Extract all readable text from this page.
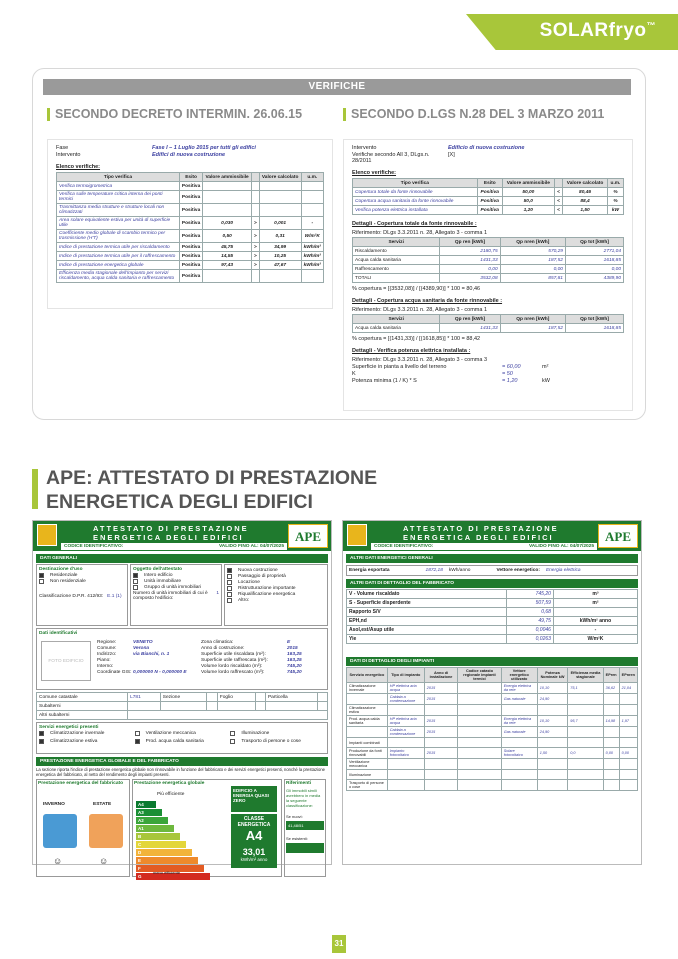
SOLARfryo™
VERIFICHE
SECONDO DECRETO INTERMIN. 26.06.15	SECONDO D.LGS N.28 DEL 3 MARZO 2011
Fase	Fase I – 1 Luglio 2015 per tutti gli edifici
Intervento	Edifici di nuova costruzione
Elenco verifiche:
Tipo verifica	Esito	Valore ammissibile		Valore calcolato	u.m.
Verifica termoigrometrica	Positiva				
Verifica sulle temperature critica interna dei ponti termici	Positiva				
Trasmittanza media strutture e strutture locali non climatizzati	Positiva				
Area solare equivalente estiva per unità di superficie utile	Positiva	0,030	>	0,001	-
Coefficiente medio globale di scambio termico per trasmissione (H'T)	Positiva	0,50	>	0,31	W/m²K
Indice di prestazione termica utile per riscaldamento	Positiva	45,75	>	34,99	kWh/m²
Indice di prestazione termica utile per il raffrescamento	Positiva	14,55	>	10,25	kWh/m²
Indice di prestazione energetica globale	Positiva	97,43	>	47,67	kWh/m²
Efficienza media stagionale dell'impianto per servizi riscaldamento, acqua calda sanitaria e raffrescamento	Positiva				
Intervento	Edificio di nuova costruzione
Verifiche secondo All 3, DLgs.n. 28/2011
[X]
Elenco verifiche:
Tipo verifica	Esito	Valore ammissibile		Valore calcolato	u.m.
Copertura totale da fonte rinnovabile	Positiva	50,00	<	80,46	%
Copertura acqua sanitaria da fonte rinnovabile	Positiva	50,0	<	88,4	%
Verifica potenza elettrica installata	Positiva	1,20	<	1,50	kW
Dettagli - Copertura totale da fonte rinnovabile :
Riferimento: DLgs 3.3.2011 n. 28, Allegato 3 - comma 1
Servizi	Qp ren [kWh]	Qp nren [kWh]	Qp tot [kWh]
Riscaldamento	2180,75	570,29	2771,04
Acqua calda sanitaria	1431,33	187,52	1618,85
Raffrescamento	0,00	0,00	0,00
TOTALI	3532,08	857,81	4389,90
% copertura = [(3532,08)] / [(4389,90)] * 100 = 80,46
Dettagli - Copertura acqua sanitaria da fonte rinnovabile :
Riferimento: DLgs 3.3.2011 n. 28, Allegato 3 - comma 1
Servizi	Qp ren [kWh]	Qp nren [kWh]	Qp tot [kWh]
Acqua calda sanitaria	1431,33	187,52	1618,85
% copertura = [(1431,33)] / [(1618,85)] * 100 = 88,42
Dettagli - Verifica potenza elettrica installata :
Riferimento: DLgs 3.3.2011 n. 28, Allegato 3 - comma 3
Superficie in pianta a livello del terreno	= 60,00	m²
K	= 50
Potenza minima (1 / K) * S	= 1,20	kW
APE: ATTESTATO DI PRESTAZIONE
ENERGETICA DEGLI EDIFICI
ATTESTATO DI PRESTAZIONE
ENERGETICA DEGLI EDIFICI
CODICE IDENTIFICATIVO:	VALIDO FINO AL: 04/07/2025
APE
DATI GENERALI
Destinazione d'uso
Residenziale
Non residenziale
Classificazione D.P.R. 412/93: E.1 (1)
Oggetto dell'attestato
Intero edificio
Unità immobiliare
Gruppo di unità immobiliari
Numero di unità immobiliari di cui è composto l'edificio:
1
Nuova costruzione
Passaggio di proprietà
Locazione
Ristrutturazione importante
Riqualificazione energetica
Altro:
Dati identificativi
FOTO EDIFICIO
Regione:	VENETO
Comune:	Verona
Indirizzo:	via Bianchi, n. 1
Piano:
Interno:
Coordinate GIS: 0,000000 N - 0,000000 E
Zona climatica:	E
Anno di costruzione:	2015
Superficie utile riscaldata (m²):	163,25
Superficie utile raffrescata (m²):	163,25
Volume lordo riscaldato (m³):	745,20
Volume lordo raffrescato (m³):	745,20
Comune catastale	L781	Sezione		Foglio		Particella	
Subalterni							
Altri subalterni							
Servizi energetici presenti
Climatizzazione invernale	Ventilazione meccanica	Illuminazione
Climatizzazione estiva	Prod. acqua calda sanitaria	Trasporto di persone o cose
PRESTAZIONE ENERGETICA GLOBALE E DEL FABBRICATO
La sezione riporta l'indice di prestazione energetica globale non rinnovabile in funzione del fabbricato e dei servizi energetici presenti, nonché la prestazione energetica del fabbricato, al netto del rendimento degli impianti presenti.
Prestazione energetica del fabbricato
INVERNO	ESTATE
☺	☺
Prestazione energetica globale
Più efficiente
A4
A3
A2
A1
B
C
D
E
F
G
meno efficiente
EDIFICIO A ENERGIA QUASI ZERO
CLASSE ENERGETICA
A4
33,01
kWh/m² anno
Riferimenti
Gli immobili simili avrebbero in media la seguente classificazione:
Se nuovi:
41,48/51
Se esistenti:
ATTESTATO DI PRESTAZIONE
ENERGETICA DEGLI EDIFICI
CODICE IDENTIFICATIVO:	VALIDO FINO AL: 04/07/2025
APE
ALTRI DATI ENERGETICI GENERALI
Energia esportata	1872,18 kWh/anno	Vettore energetico: Energia elettrica
ALTRI DATI DI DETTAGLIO DEL FABBRICATO
V - Volume riscaldato	745,20	m³
S - Superficie disperdente	507,59	m²
Rapporto S/V	0,68	
EPH,nd	49,75	kWh/m² anno
Asol,est/Asup utile	0,0046	-
Yie	0,0263	W/m²K
DATI DI DETTAGLIO DEGLI IMPIANTI
Servizio energetico	Tipo di impianto	Anno di installazione	Codice catasto regionale impianti termici	Vettore energetico utilizzato	Potenza Nominale kW	Efficienza media stagionale	EPren	EPnren
Climatizzazione invernale	HP elettrica aria acqua	2015		Energia elettrica da rete	10,10	75,1	36,62	21,04
	Caldaia a condensazione	2015		Gas naturale	24,90			
Climatizzazione estiva								
Prod. acqua calda sanitaria	HP elettrica aria acqua	2015		Energia elettrica da rete	10,10	95,7	14,98	1,97
	Caldaia a condensazione	2015		Gas naturale	24,90			
Impianti combinati								
Produzione da fonti rinnovabili	Impianto fotovoltaico	2015		Solare fotovoltaico	1,50	0,0	0,00	0,00
Ventilazione meccanica								
Illuminazione								
Trasporto di persone o cose								
31
